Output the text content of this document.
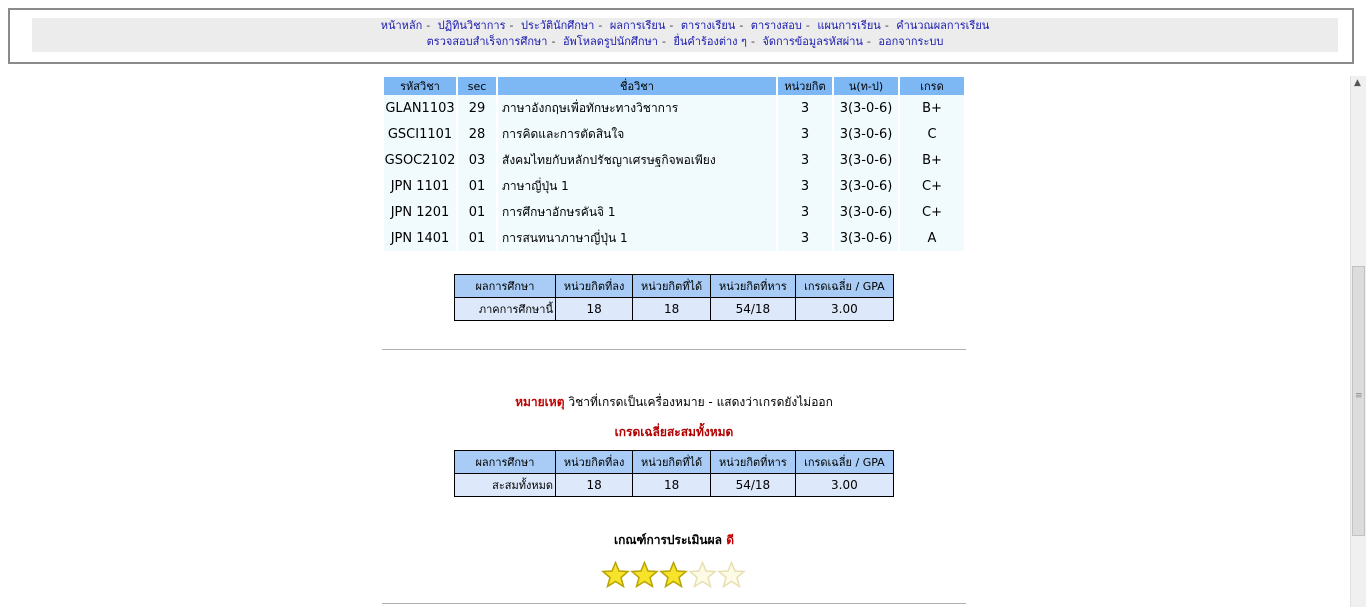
หน้าหลัก - ปฏิทินวิชาการ - ประวัตินักศึกษา - ผลการเรียน - ตารางเรียน - ตารางสอบ - แผนการเรียน - คำนวณผลการเรียน
ตรวจสอบสำเร็จการศึกษา - อัพโหลดรูปนักศึกษา - ยื่นคำร้องต่าง ๆ - จัดการข้อมูลรหัสผ่าน - ออกจากระบบ
รหัสวิชา	sec	ชื่อวิชา	หน่วยกิต	น(ท-ป)	เกรด
GLAN1103	29	ภาษาอังกฤษเพื่อทักษะทางวิชาการ	3	3(3-0-6)	B+
GSCI1101	28	การคิดและการตัดสินใจ	3	3(3-0-6)	C
GSOC2102	03	สังคมไทยกับหลักปรัชญาเศรษฐกิจพอเพียง	3	3(3-0-6)	B+
JPN 1101	01	ภาษาญี่ปุ่น 1	3	3(3-0-6)	C+
JPN 1201	01	การศึกษาอักษรคันจิ 1	3	3(3-0-6)	C+
JPN 1401	01	การสนทนาภาษาญี่ปุ่น 1	3	3(3-0-6)	A
ผลการศึกษา	หน่วยกิตที่ลง	หน่วยกิตที่ได้	หน่วยกิตที่หาร	เกรดเฉลี่ย / GPA
ภาคการศึกษานี้	18	18	54/18	3.00
หมายเหตุ วิชาที่เกรดเป็นเครื่องหมาย - แสดงว่าเกรดยังไม่ออก
เกรดเฉลี่ยสะสมทั้งหมด
ผลการศึกษา	หน่วยกิตที่ลง	หน่วยกิตที่ได้	หน่วยกิตที่หาร	เกรดเฉลี่ย / GPA
สะสมทั้งหมด	18	18	54/18	3.00
เกณฑ์การประเมินผล ดี
▲
≡
